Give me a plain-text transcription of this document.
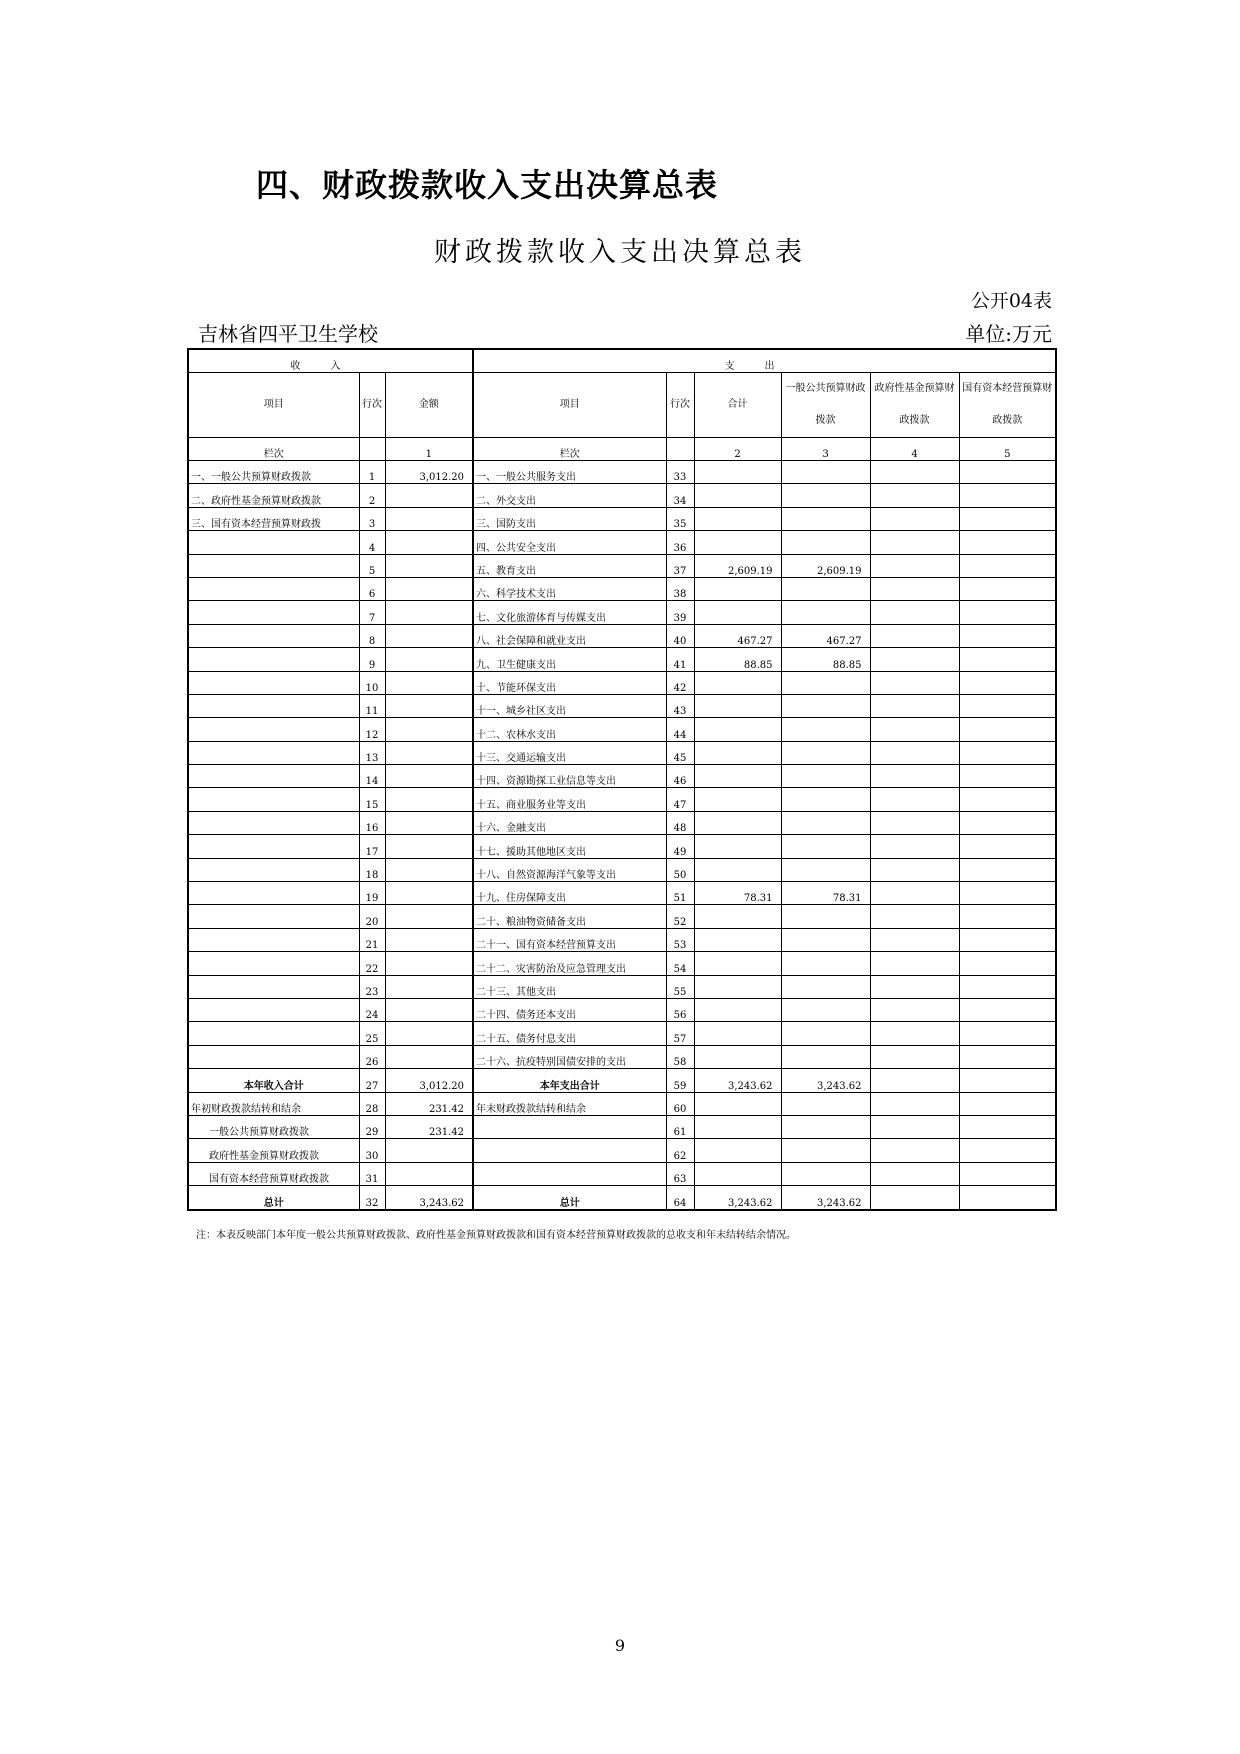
四、财政拨款收入支出决算总表
财政拨款收入支出决算总表
公开04表
吉林省四平卫生学校	单位:万元
收入			支出					
项目	行次	金额	项目	行次	合计	一般公共预算财政拨款	政府性基金预算财政拨款	国有资本经营预算财政拨款
栏次		1	栏次		2	3	4	5
一、一般公共预算财政拨款	1	3,012.20	一、一般公共服务支出	33				
二、政府性基金预算财政拨款	2		二、外交支出	34				
三、国有资本经营预算财政拨	3		三、国防支出	35				
	4		四、公共安全支出	36				
	5		五、教育支出	37	2,609.19	2,609.19		
	6		六、科学技术支出	38				
	7		七、文化旅游体育与传媒支出	39				
	8		八、社会保障和就业支出	40	467.27	467.27		
	9		九、卫生健康支出	41	88.85	88.85		
	10		十、节能环保支出	42				
	11		十一、城乡社区支出	43				
	12		十二、农林水支出	44				
	13		十三、交通运输支出	45				
	14		十四、资源勘探工业信息等支出	46				
	15		十五、商业服务业等支出	47				
	16		十六、金融支出	48				
	17		十七、援助其他地区支出	49				
	18		十八、自然资源海洋气象等支出	50				
	19		十九、住房保障支出	51	78.31	78.31		
	20		二十、粮油物资储备支出	52				
	21		二十一、国有资本经营预算支出	53				
	22		二十二、灾害防治及应急管理支出	54				
	23		二十三、其他支出	55				
	24		二十四、债务还本支出	56				
	25		二十五、债务付息支出	57				
	26		二十六、抗疫特别国债安排的支出	58				
本年收入合计	27	3,012.20	本年支出合计	59	3,243.62	3,243.62		
年初财政拨款结转和结余	28	231.42	年末财政拨款结转和结余	60				
一般公共预算财政拨款	29	231.42		61				
政府性基金预算财政拨款	30			62				
国有资本经营预算财政拨款	31			63				
总计	32	3,243.62	总计	64	3,243.62	3,243.62		
注：本表反映部门本年度一般公共预算财政拨款、政府性基金预算财政拨款和国有资本经营预算财政拨款的总收支和年末结转结余情况。
9
